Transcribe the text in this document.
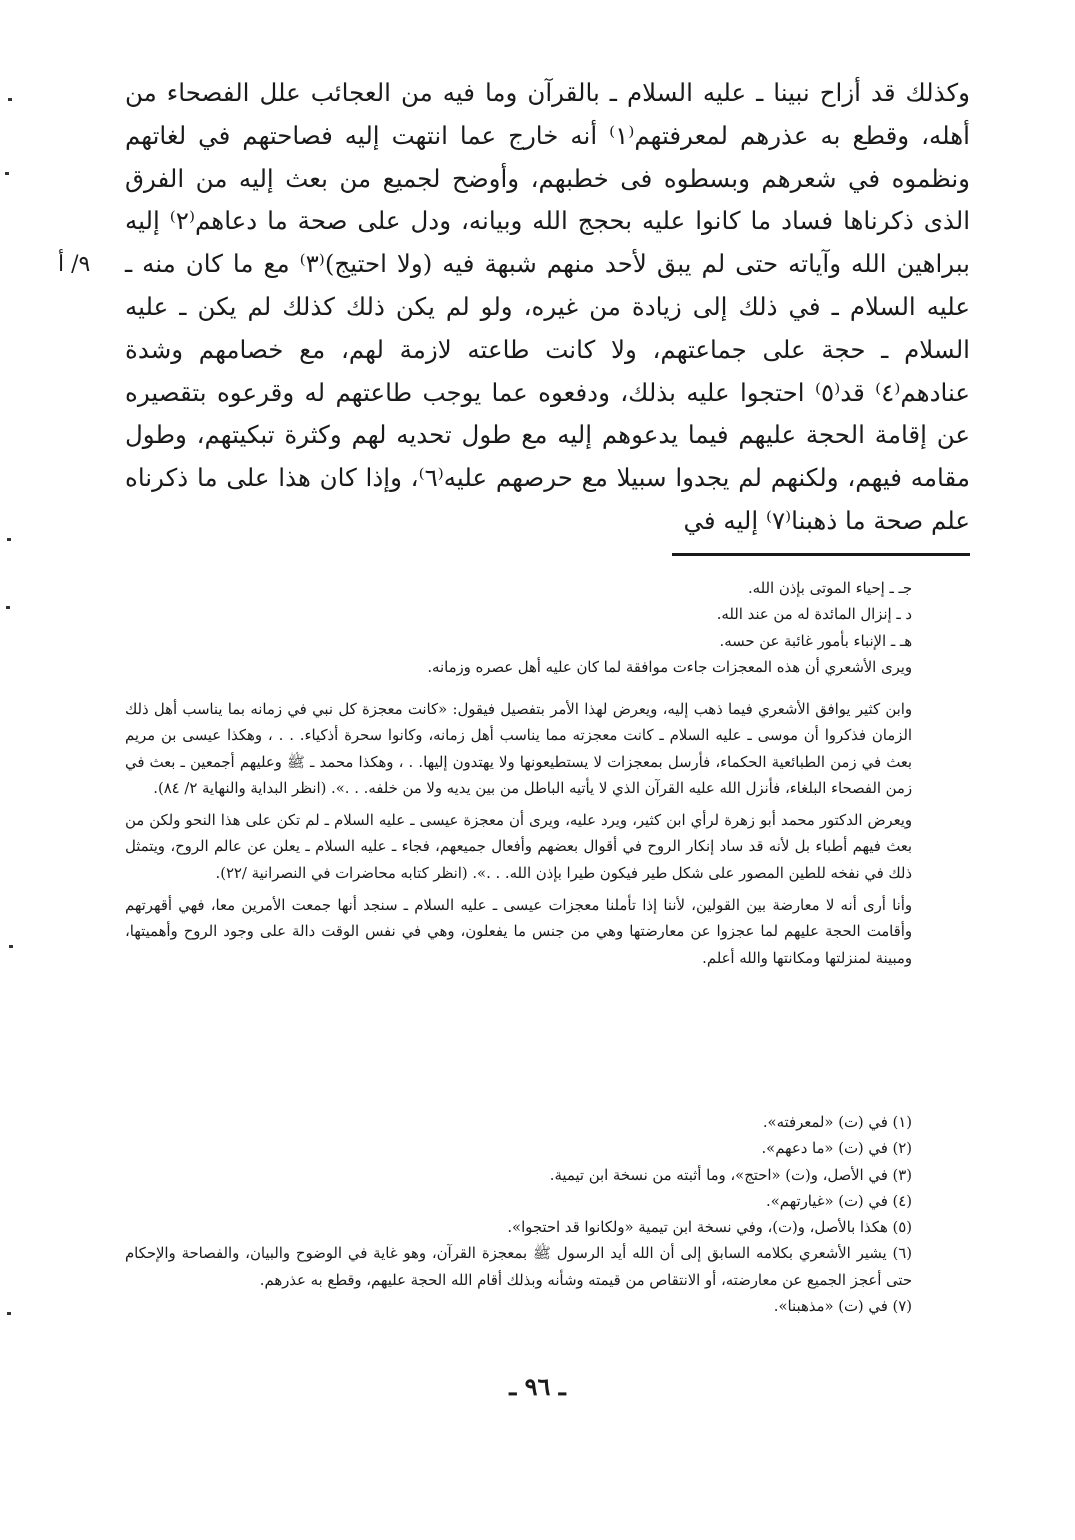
وكذلك قد أزاح نبينا ـ عليه السلام ـ بالقرآن وما فيه من العجائب علل الفصحاء من أهله، وقطع به عذرهم لمعرفتهم⁽١⁾ أنه خارج عما انتهت إليه فصاحتهم في لغاتهم ونظموه في شعرهم وبسطوه فى خطبهم، وأوضح لجميع من بعث إليه من الفرق الذى ذكرناها فساد ما كانوا عليه بحجج الله وبيانه، ودل على صحة ما دعاهم⁽٢⁾ إليه ببراهين الله وآياته حتى لم يبق لأحد منهم شبهة فيه (ولا احتيج)⁽٣⁾ مع ما كان منه ـ عليه السلام ـ في ذلك إلى زيادة من غيره، ولو لم يكن ذلك كذلك لم يكن ـ عليه السلام ـ حجة على جماعتهم، ولا كانت طاعته لازمة لهم، مع خصامهم وشدة عنادهم⁽٤⁾ قد⁽٥⁾ احتجوا عليه بذلك، ودفعوه عما يوجب طاعتهم له وقرعوه بتقصيره عن إقامة الحجة عليهم فيما يدعوهم إليه مع طول تحديه لهم وكثرة تبكيتهم، وطول مقامه فيهم، ولكنهم لم يجدوا سبيلا مع حرصهم عليه⁽٦⁾، وإذا كان هذا على ما ذكرناه علم صحة ما ذهبنا⁽٧⁾ إليه في

٩/ أ

جـ ـ إحياء الموتى بإذن الله.

د ـ إنزال المائدة له من عند الله.

هـ ـ الإنباء بأمور غائبة عن حسه.

ويرى الأشعري أن هذه المعجزات جاءت موافقة لما كان عليه أهل عصره وزمانه.

وابن كثير يوافق الأشعري فيما ذهب إليه، ويعرض لهذا الأمر بتفصيل فيقول: «كانت معجزة كل نبي في زمانه بما يناسب أهل ذلك الزمان فذكروا أن موسى ـ عليه السلام ـ كانت معجزته مما يناسب أهل زمانه، وكانوا سحرة أذكياء. . . ، وهكذا عيسى بن مريم بعث في زمن الطبائعية الحكماء، فأرسل بمعجزات لا يستطيعونها ولا يهتدون إليها. . ، وهكذا محمد ـ ﷺ وعليهم أجمعين ـ بعث في زمن الفصحاء البلغاء، فأنزل الله عليه القرآن الذي لا يأتيه الباطل من بين يديه ولا من خلفه. . .». (انظر البداية والنهاية ٢/ ٨٤).

ويعرض الدكتور محمد أبو زهرة لرأي ابن كثير، ويرد عليه، ويرى أن معجزة عيسى ـ عليه السلام ـ لم تكن على هذا النحو ولكن من بعث فيهم أطباء بل لأنه قد ساد إنكار الروح في أقوال بعضهم وأفعال جميعهم، فجاء ـ عليه السلام ـ يعلن عن عالم الروح، ويتمثل ذلك في نفخه للطين المصور على شكل طير فيكون طيرا بإذن الله. . .». (انظر كتابه محاضرات في النصرانية /٢٢).

وأنا أرى أنه لا معارضة بين القولين، لأننا إذا تأملنا معجزات عيسى ـ عليه السلام ـ سنجد أنها جمعت الأمرين معا، فهي أقهرتهم وأقامت الحجة عليهم لما عجزوا عن معارضتها وهي من جنس ما يفعلون، وهي في نفس الوقت دالة على وجود الروح وأهميتها، ومبينة لمنزلتها ومكانتها والله أعلم.

(١) في (ت) «لمعرفته».

(٢) في (ت) «ما دعهم».

(٣) في الأصل، و(ت) «احتج»، وما أثبته من نسخة ابن تيمية.

(٤) في (ت) «غيارتهم».

(٥) هكذا بالأصل، و(ت)، وفي نسخة ابن تيمية «ولكانوا قد احتجوا».

(٦) يشير الأشعري بكلامه السابق إلى أن الله أيد الرسول ﷺ بمعجزة القرآن، وهو غاية في الوضوح والبيان، والفصاحة والإحكام حتى أعجز الجميع عن معارضته، أو الانتقاص من قيمته وشأنه وبذلك أقام الله الحجة عليهم، وقطع به عذرهم.

(٧) في (ت) «مذهبنا».

ـ ٩٦ ـ
